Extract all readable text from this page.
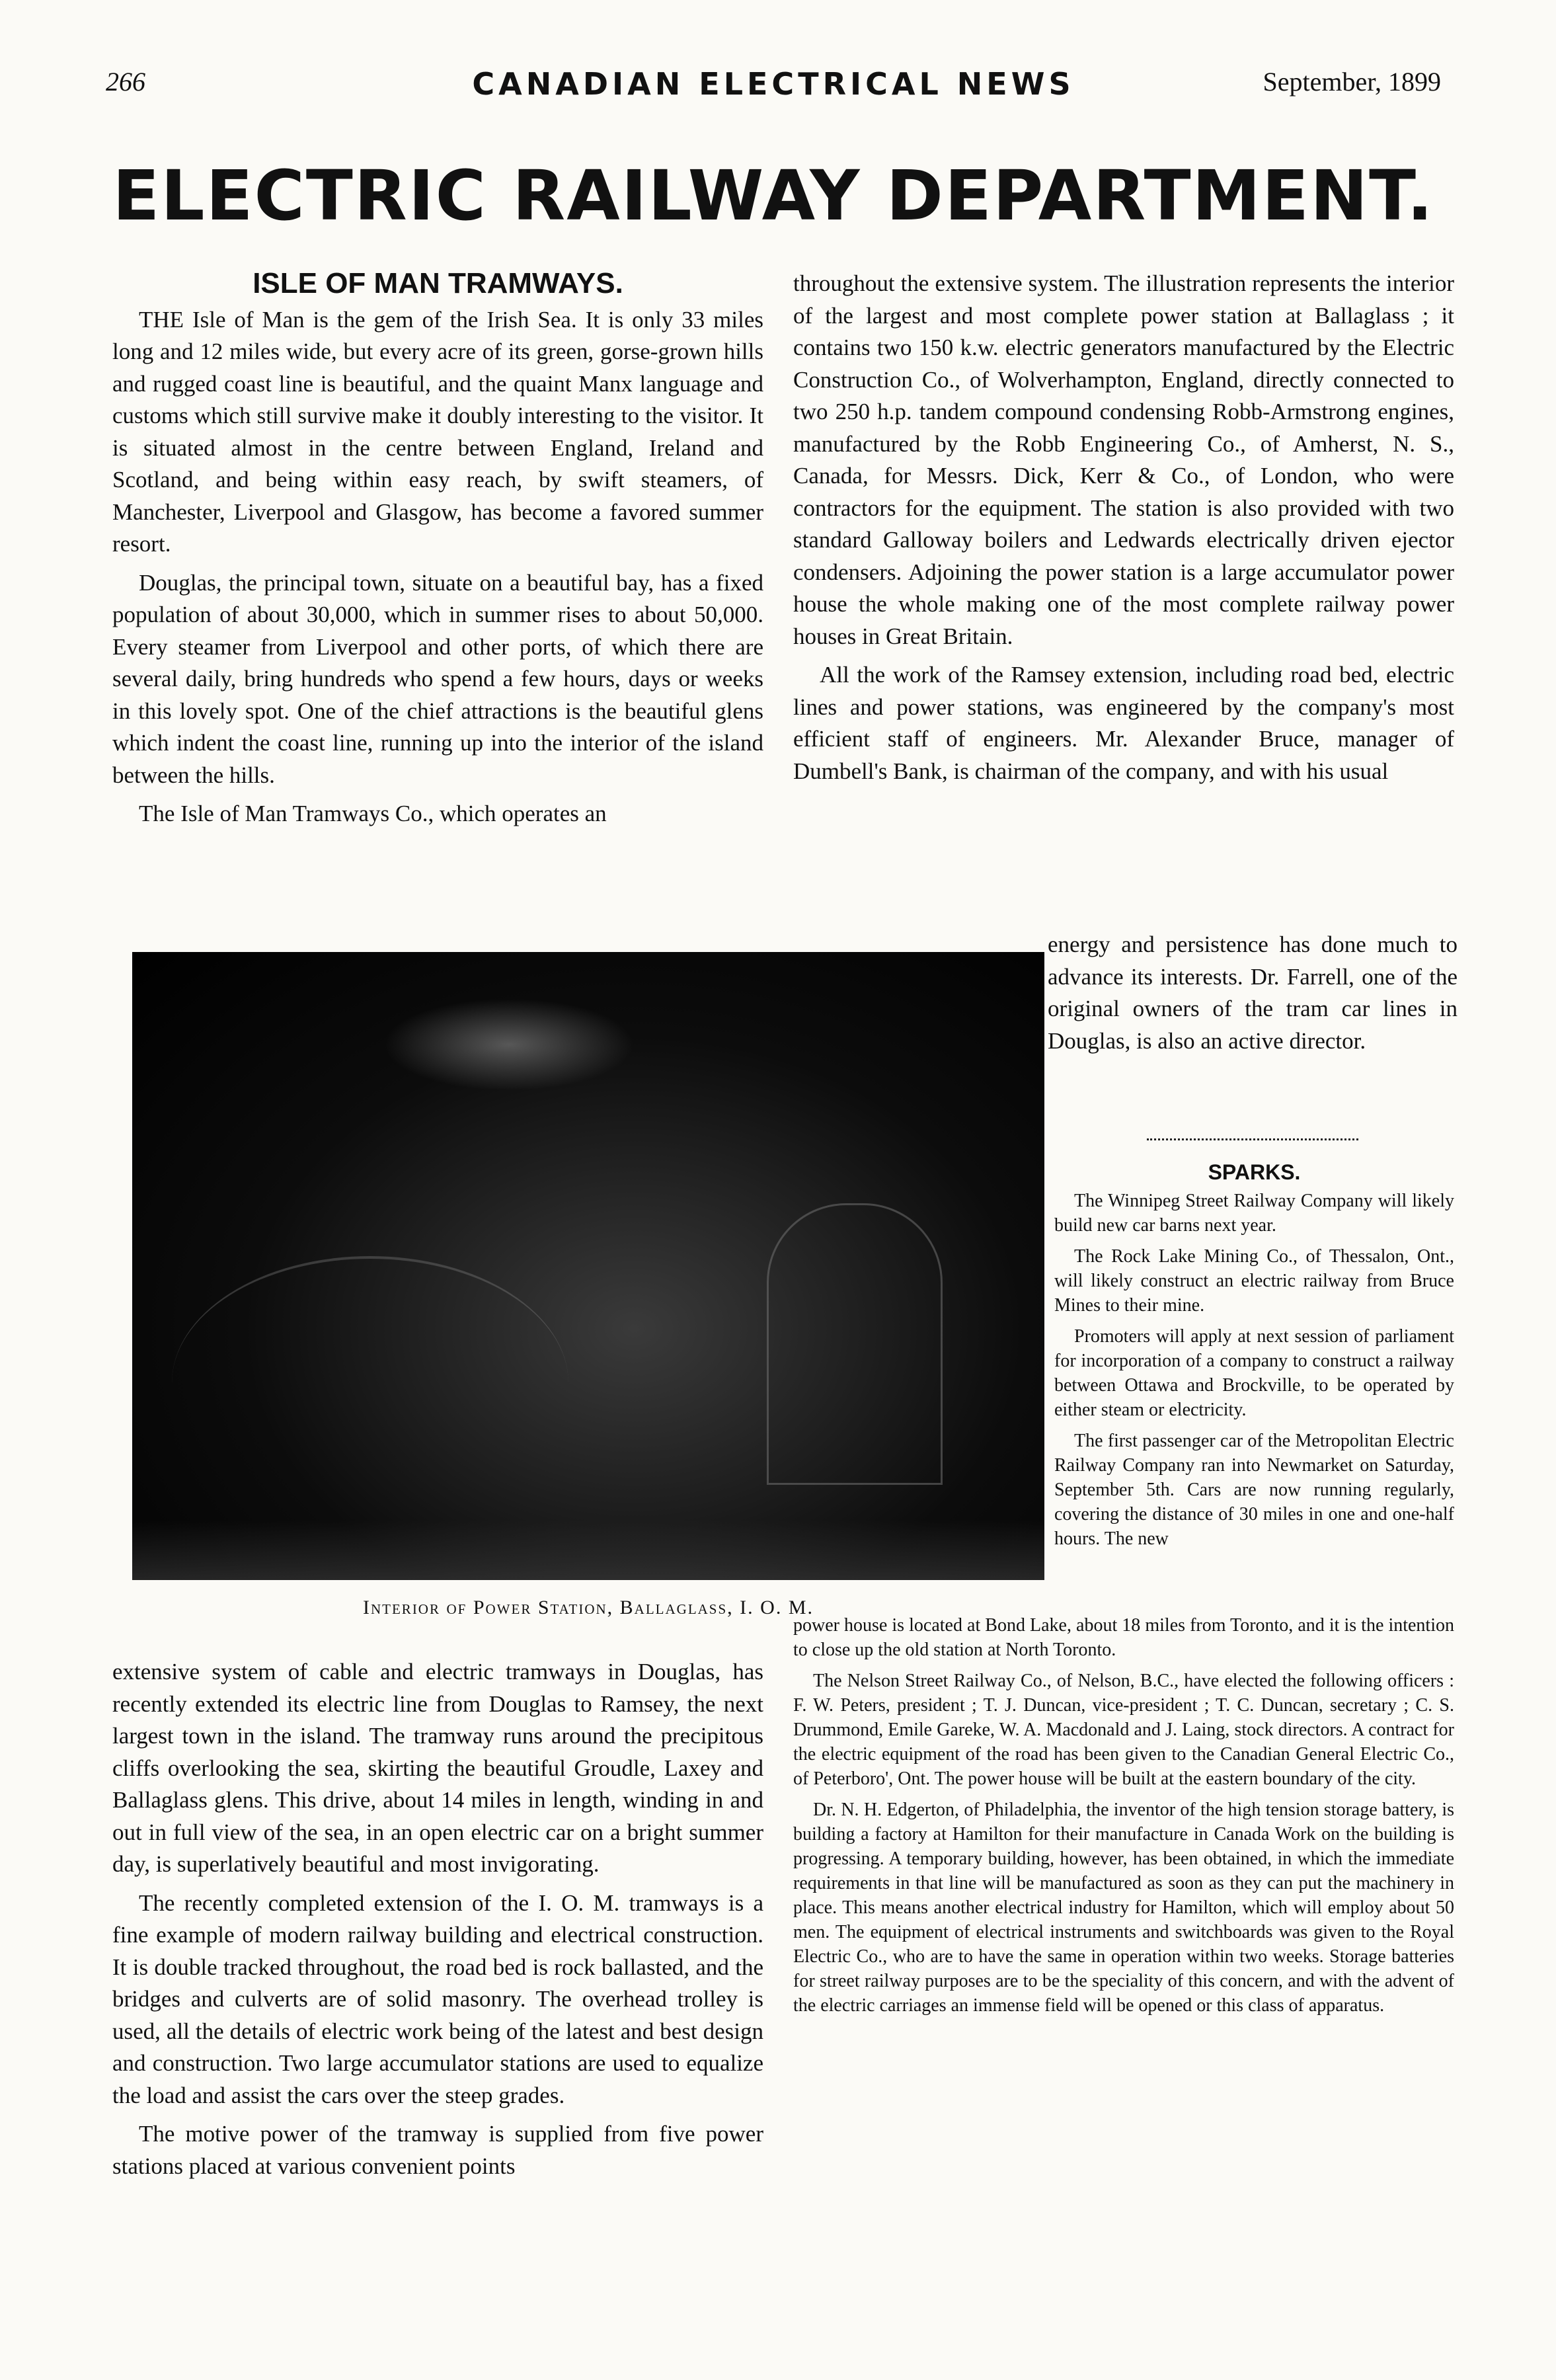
266	CANADIAN ELECTRICAL NEWS	September, 1899
ELECTRIC RAILWAY DEPARTMENT.
ISLE OF MAN TRAMWAYS.

THE Isle of Man is the gem of the Irish Sea. It is only 33 miles long and 12 miles wide, but every acre of its green, gorse-grown hills and rugged coast line is beautiful, and the quaint Manx language and customs which still survive make it doubly interesting to the visitor. It is situated almost in the centre between England, Ireland and Scotland, and being within easy reach, by swift steamers, of Manchester, Liverpool and Glasgow, has become a favored summer resort.

Douglas, the principal town, situate on a beautiful bay, has a fixed population of about 30,000, which in summer rises to about 50,000. Every steamer from Liverpool and other ports, of which there are several daily, bring hundreds who spend a few hours, days or weeks in this lovely spot. One of the chief attractions is the beautiful glens which indent the coast line, running up into the interior of the island between the hills.

The Isle of Man Tramways Co., which operates an

throughout the extensive system. The illustration represents the interior of the largest and most complete power station at Ballaglass ; it contains two 150 k.w. electric generators manufactured by the Electric Construction Co., of Wolverhampton, England, directly connected to two 250 h.p. tandem compound condensing Robb-Armstrong engines, manufactured by the Robb Engineering Co., of Amherst, N. S., Canada, for Messrs. Dick, Kerr & Co., of London, who were contractors for the equipment. The station is also provided with two standard Galloway boilers and Ledwards electrically driven ejector condensers. Adjoining the power station is a large accumulator power house the whole making one of the most complete railway power houses in Great Britain.

All the work of the Ramsey extension, including road bed, electric lines and power stations, was engineered by the company's most efficient staff of engineers. Mr. Alexander Bruce, manager of Dumbell's Bank, is chairman of the company, and with his usual

Interior of Power Station, Ballaglass, I. O. M.

energy and persistence has done much to advance its interests. Dr. Farrell, one of the original owners of the tram car lines in Douglas, is also an active director.

SPARKS.

The Winnipeg Street Railway Company will likely build new car barns next year.

The Rock Lake Mining Co., of Thessalon, Ont., will likely construct an electric railway from Bruce Mines to their mine.

Promoters will apply at next session of parliament for incorporation of a company to construct a railway between Ottawa and Brockville, to be operated by either steam or electricity.

The first passenger car of the Metropolitan Electric Railway Company ran into Newmarket on Saturday, September 5th. Cars are now running regularly, covering the distance of 30 miles in one and one-half hours. The new

extensive system of cable and electric tramways in Douglas, has recently extended its electric line from Douglas to Ramsey, the next largest town in the island. The tramway runs around the precipitous cliffs overlooking the sea, skirting the beautiful Groudle, Laxey and Ballaglass glens. This drive, about 14 miles in length, winding in and out in full view of the sea, in an open electric car on a bright summer day, is superlatively beautiful and most invigorating.

The recently completed extension of the I. O. M. tramways is a fine example of modern railway building and electrical construction. It is double tracked throughout, the road bed is rock ballasted, and the bridges and culverts are of solid masonry. The overhead trolley is used, all the details of electric work being of the latest and best design and construction. Two large accumulator stations are used to equalize the load and assist the cars over the steep grades.

The motive power of the tramway is supplied from five power stations placed at various convenient points

power house is located at Bond Lake, about 18 miles from Toronto, and it is the intention to close up the old station at North Toronto.

The Nelson Street Railway Co., of Nelson, B.C., have elected the following officers : F. W. Peters, president ; T. J. Duncan, vice-president ; T. C. Duncan, secretary ; C. S. Drummond, Emile Gareke, W. A. Macdonald and J. Laing, stock directors. A contract for the electric equipment of the road has been given to the Canadian General Electric Co., of Peterboro', Ont. The power house will be built at the eastern boundary of the city.

Dr. N. H. Edgerton, of Philadelphia, the inventor of the high tension storage battery, is building a factory at Hamilton for their manufacture in Canada Work on the building is progressing. A temporary building, however, has been obtained, in which the immediate requirements in that line will be manufactured as soon as they can put the machinery in place. This means another electrical industry for Hamilton, which will employ about 50 men. The equipment of electrical instruments and switchboards was given to the Royal Electric Co., who are to have the same in operation within two weeks. Storage batteries for street railway purposes are to be the speciality of this concern, and with the advent of the electric carriages an immense field will be opened or this class of apparatus.
